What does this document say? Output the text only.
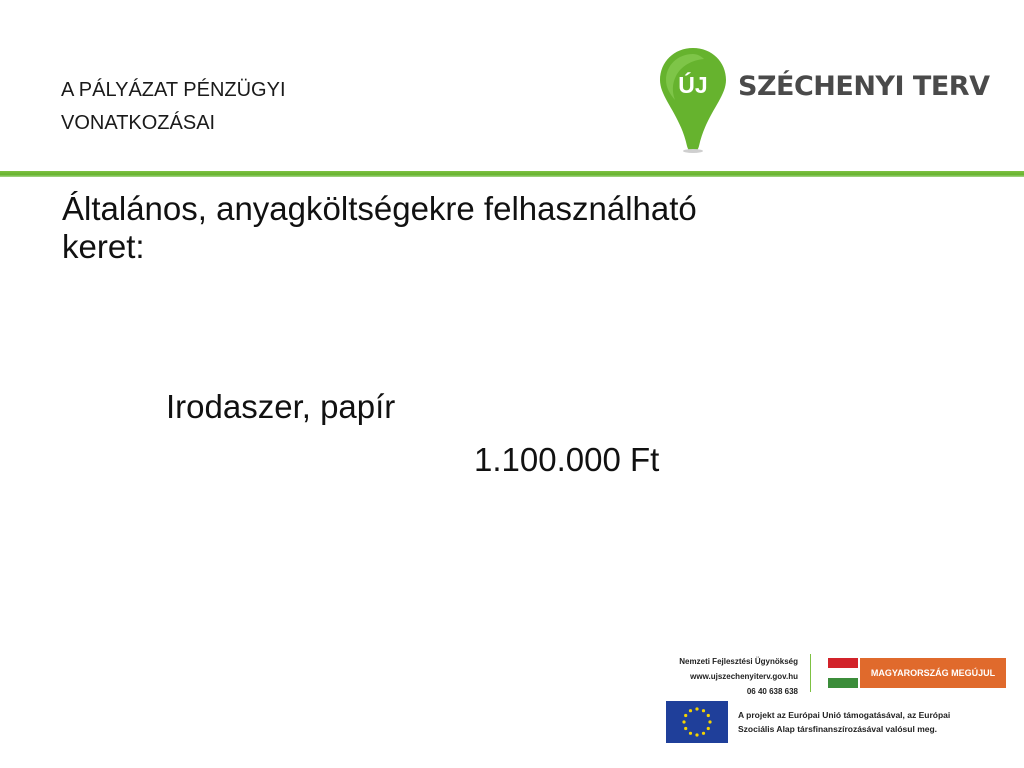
A PÁLYÁZAT PÉNZÜGYI
VONATKOZÁSAI
ÚJ	SZÉCHENYI TERV
Általános, anyagköltségekre felhasználható
keret:
Irodaszer, papír
1.100.000 Ft
Nemzeti Fejlesztési Ügynökség
www.ujszechenyiterv.gov.hu
06 40 638 638
MAGYARORSZÁG MEGÚJUL
A projekt az Európai Unió támogatásával, az Európai
Szociális Alap társfinanszírozásával valósul meg.
